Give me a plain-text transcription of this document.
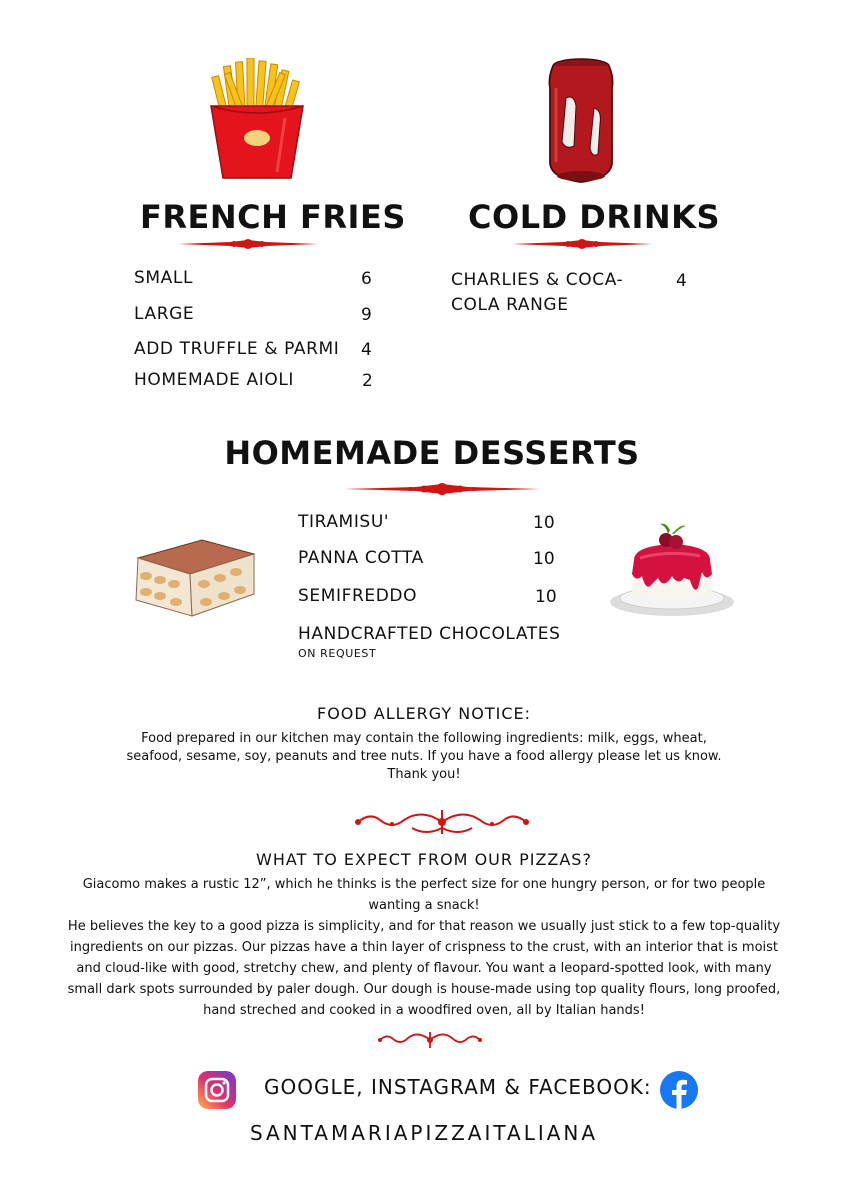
FRENCH FRIES
SMALL	6
LARGE	9
ADD TRUFFLE & PARMI 4
HOMEMADE AIOLI	2
COLD DRINKS
CHARLIES & COCA-
COLA RANGE
4
HOMEMADE DESSERTS
TIRAMISU'	10
PANNA COTTA	10
SEMIFREDDO	10
HANDCRAFTED CHOCOLATES
ON REQUEST
FOOD ALLERGY NOTICE:
Food prepared in our kitchen may contain the following ingredients: milk, eggs, wheat,
seafood, sesame, soy, peanuts and tree nuts. If you have a food allergy please let us know.
Thank you!
WHAT TO EXPECT FROM OUR PIZZAS?
Giacomo makes a rustic 12”, which he thinks is the perfect size for one hungry person, or for two people
wanting a snack!
He believes the key to a good pizza is simplicity, and for that reason we usually just stick to a few top-quality
ingredients on our pizzas. Our pizzas have a thin layer of crispness to the crust, with an interior that is moist
and cloud-like with good, stretchy chew, and plenty of flavour. You want a leopard-spotted look, with many
small dark spots surrounded by paler dough. Our dough is house-made using top quality flours, long proofed,
hand streched and cooked in a woodfired oven, all by Italian hands!
GOOGLE, INSTAGRAM & FACEBOOK:
SANTAMARIAPIZZAITALIANA
